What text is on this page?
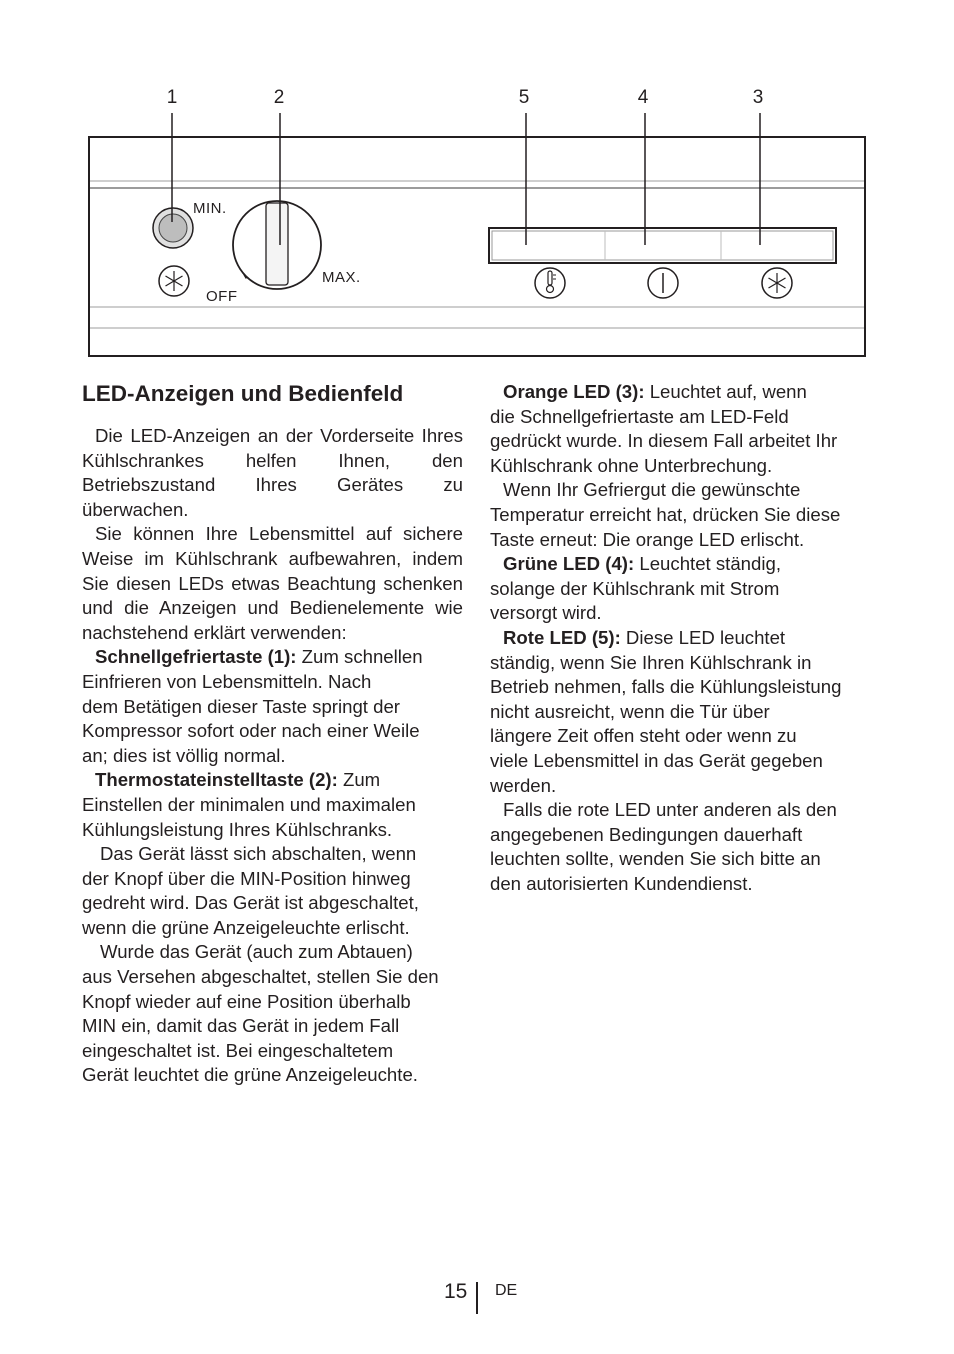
1	2	5	4	3
MIN.
MAX.
OFF
LED-Anzeigen und Bedienfeld

Die LED-Anzeigen an der Vorderseite Ihres Kühlschrankes helfen Ihnen, den Betriebszustand Ihres Gerätes zu überwachen.

Sie können Ihre Lebensmittel auf sichere Weise im Kühlschrank aufbewahren, indem Sie diesen LEDs etwas Beachtung schenken und die Anzeigen und Bedienelemente wie nachstehend erklärt verwenden:

Schnellgefriertaste (1): Zum schnellen
Einfrieren von Lebensmitteln. Nach
dem Betätigen dieser Taste springt der
Kompressor sofort oder nach einer Weile
an; dies ist völlig normal.
Thermostateinstelltaste (2): Zum
Einstellen der minimalen und maximalen
Kühlungsleistung Ihres Kühlschranks.
Das Gerät lässt sich abschalten, wenn
der Knopf über die MIN-Position hinweg
gedreht wird. Das Gerät ist abgeschaltet,
wenn die grüne Anzeigeleuchte erlischt.
Wurde das Gerät (auch zum Abtauen)
aus Versehen abgeschaltet, stellen Sie den
Knopf wieder auf eine Position überhalb
MIN ein, damit das Gerät in jedem Fall
eingeschaltet ist. Bei eingeschaltetem
Gerät leuchtet die grüne Anzeigeleuchte.
Orange LED (3): Leuchtet auf, wenn
die Schnellgefriertaste am LED-Feld
gedrückt wurde. In diesem Fall arbeitet Ihr
Kühlschrank ohne Unterbrechung.
Wenn Ihr Gefriergut die gewünschte
Temperatur erreicht hat, drücken Sie diese
Taste erneut: Die orange LED erlischt.
Grüne LED (4): Leuchtet ständig,
solange der Kühlschrank mit Strom
versorgt wird.
Rote LED (5): Diese LED leuchtet
ständig, wenn Sie Ihren Kühlschrank in
Betrieb nehmen, falls die Kühlungsleistung
nicht ausreicht, wenn die Tür über
längere Zeit offen steht oder wenn zu
viele Lebensmittel in das Gerät gegeben
werden.
Falls die rote LED unter anderen als den
angegebenen Bedingungen dauerhaft
leuchten sollte, wenden Sie sich bitte an
den autorisierten Kundendienst.
15 DE
